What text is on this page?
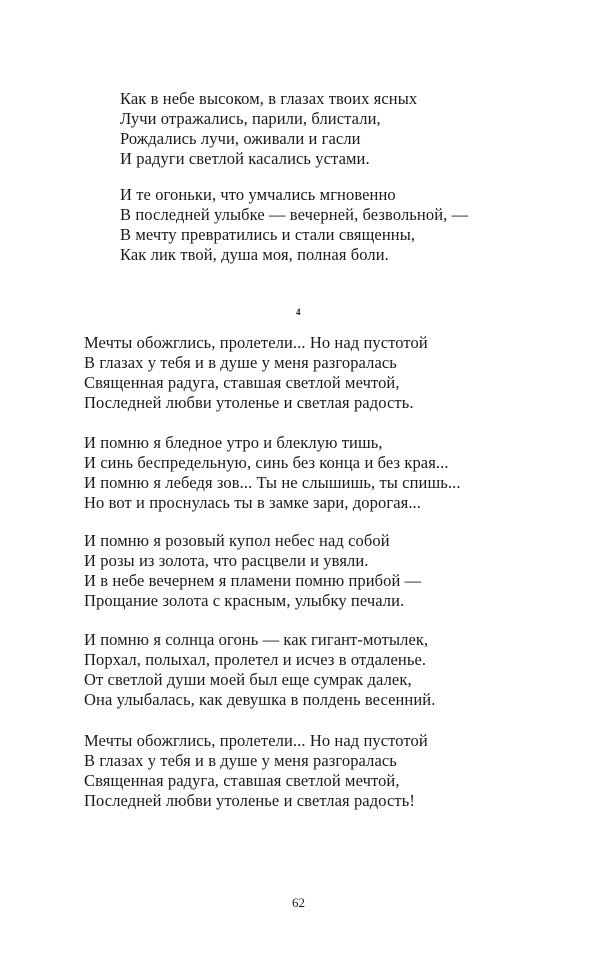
Как в небе высоком, в глазах твоих ясных
Лучи отражались, парили, блистали,
Рождались лучи, оживали и гасли
И радуги светлой касались устами.
И те огоньки, что умчались мгновенно
В последней улыбке — вечерней, безвольной, —
В мечту превратились и стали священны,
Как лик твой, душа моя, полная боли.
4
Мечты обожглись, пролетели... Но над пустотой
В глазах у тебя и в душе у меня разгоралась
Священная радуга, ставшая светлой мечтой,
Последней любви утоленье и светлая радость.
И помню я бледное утро и блеклую тишь,
И синь беспредельную, синь без конца и без края...
И помню я лебедя зов... Ты не слышишь, ты спишь...
Но вот и проснулась ты в замке зари, дорогая...
И помню я розовый купол небес над собой
И розы из золота, что расцвели и увяли.
И в небе вечернем я пламени помню прибой —
Прощание золота с красным, улыбку печали.
И помню я солнца огонь — как гигант-мотылек,
Порхал, полыхал, пролетел и исчез в отдаленье.
От светлой души моей был еще сумрак далек,
Она улыбалась, как девушка в полдень весенний.
Мечты обожглись, пролетели... Но над пустотой
В глазах у тебя и в душе у меня разгоралась
Священная радуга, ставшая светлой мечтой,
Последней любви утоленье и светлая радость!
62
